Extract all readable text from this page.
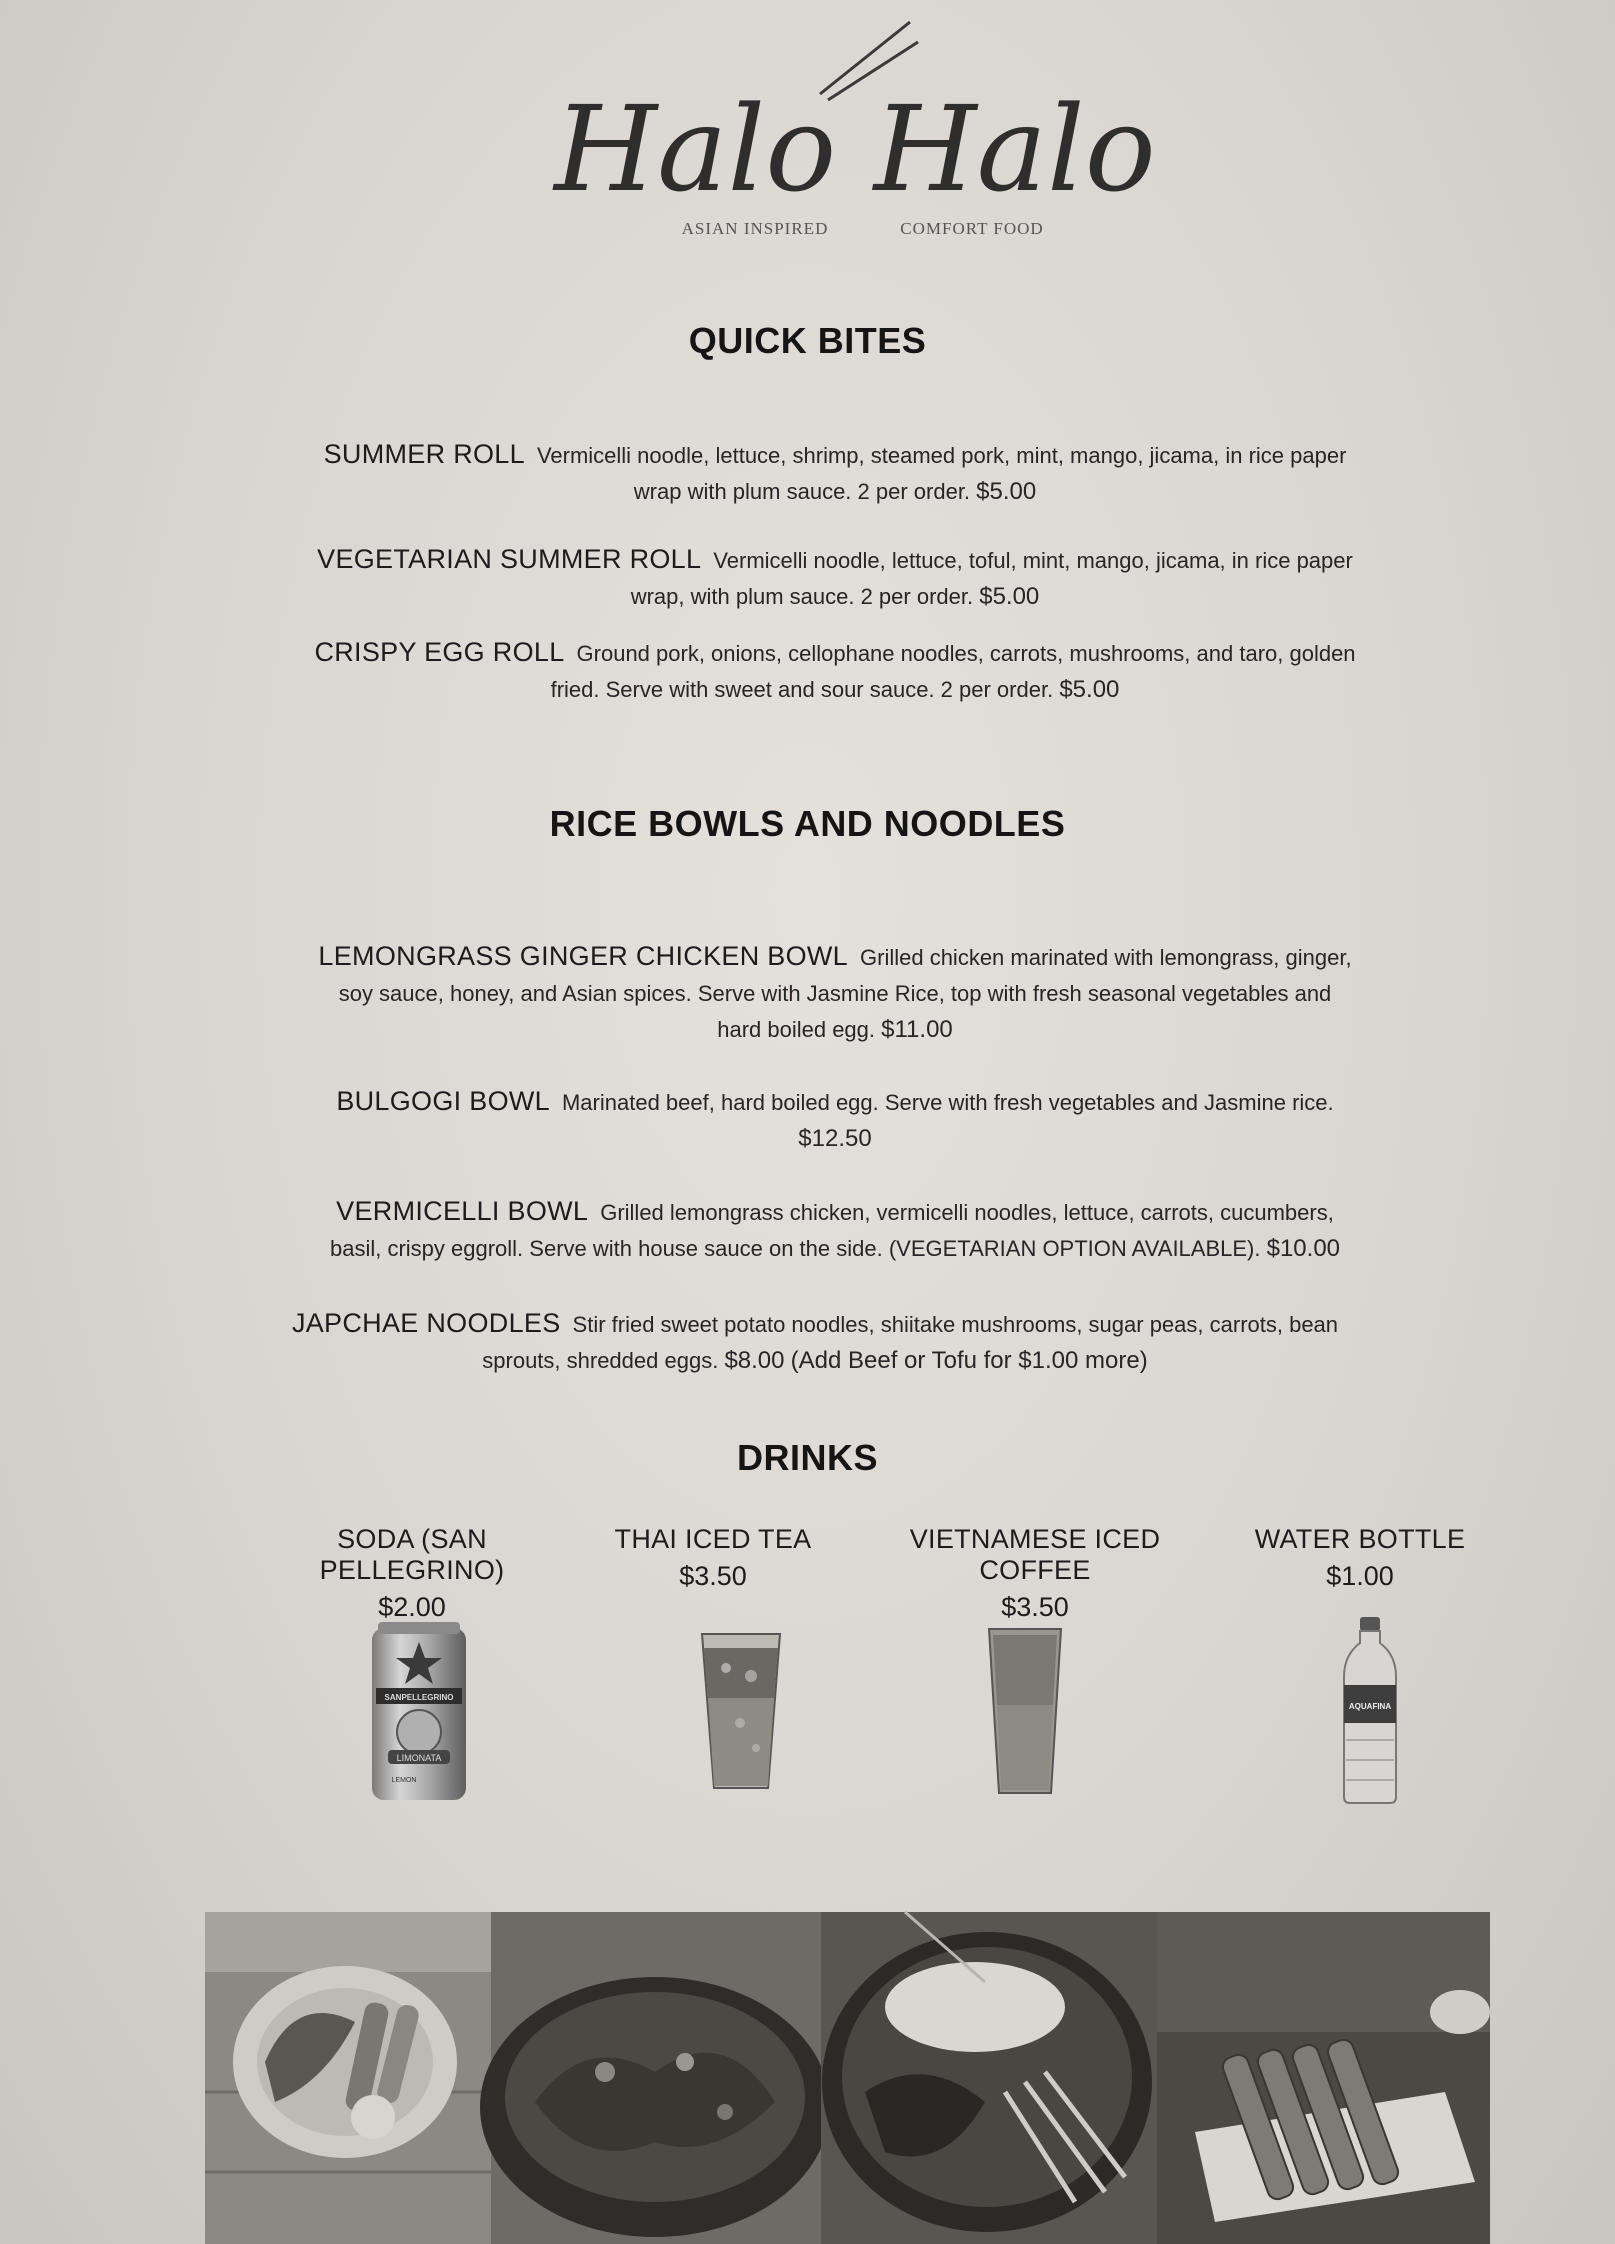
Halo Halo
ASIAN INSPIRED	COMFORT FOOD
QUICK BITES
SUMMER ROLL Vermicelli noodle, lettuce, shrimp, steamed pork, mint, mango, jicama, in rice paper
wrap with plum sauce. 2 per order. $5.00
VEGETARIAN SUMMER ROLL Vermicelli noodle, lettuce, toful, mint, mango, jicama, in rice paper
wrap, with plum sauce. 2 per order. $5.00
CRISPY EGG ROLL Ground pork, onions, cellophane noodles, carrots, mushrooms, and taro, golden
fried. Serve with sweet and sour sauce. 2 per order. $5.00
RICE BOWLS AND NOODLES
LEMONGRASS GINGER CHICKEN BOWL Grilled chicken marinated with lemongrass, ginger,
soy sauce, honey, and Asian spices. Serve with Jasmine Rice, top with fresh seasonal vegetables and
hard boiled egg. $11.00
BULGOGI BOWL Marinated beef, hard boiled egg. Serve with fresh vegetables and Jasmine rice.
$12.50
VERMICELLI BOWL Grilled lemongrass chicken, vermicelli noodles, lettuce, carrots, cucumbers,
basil, crispy eggroll. Serve with house sauce on the side. (VEGETARIAN OPTION AVAILABLE). $10.00
JAPCHAE NOODLES Stir fried sweet potato noodles, shiitake mushrooms, sugar peas, carrots, bean
sprouts, shredded eggs. $8.00 (Add Beef or Tofu for $1.00 more)
DRINKS
SODA (SAN PELLEGRINO)
$2.00
THAI ICED TEA
$3.50
VIETNAMESE ICED COFFEE
$3.50
WATER BOTTLE
$1.00
SANPELLEGRINO
LIMONATA
LEMON
AQUAFINA
